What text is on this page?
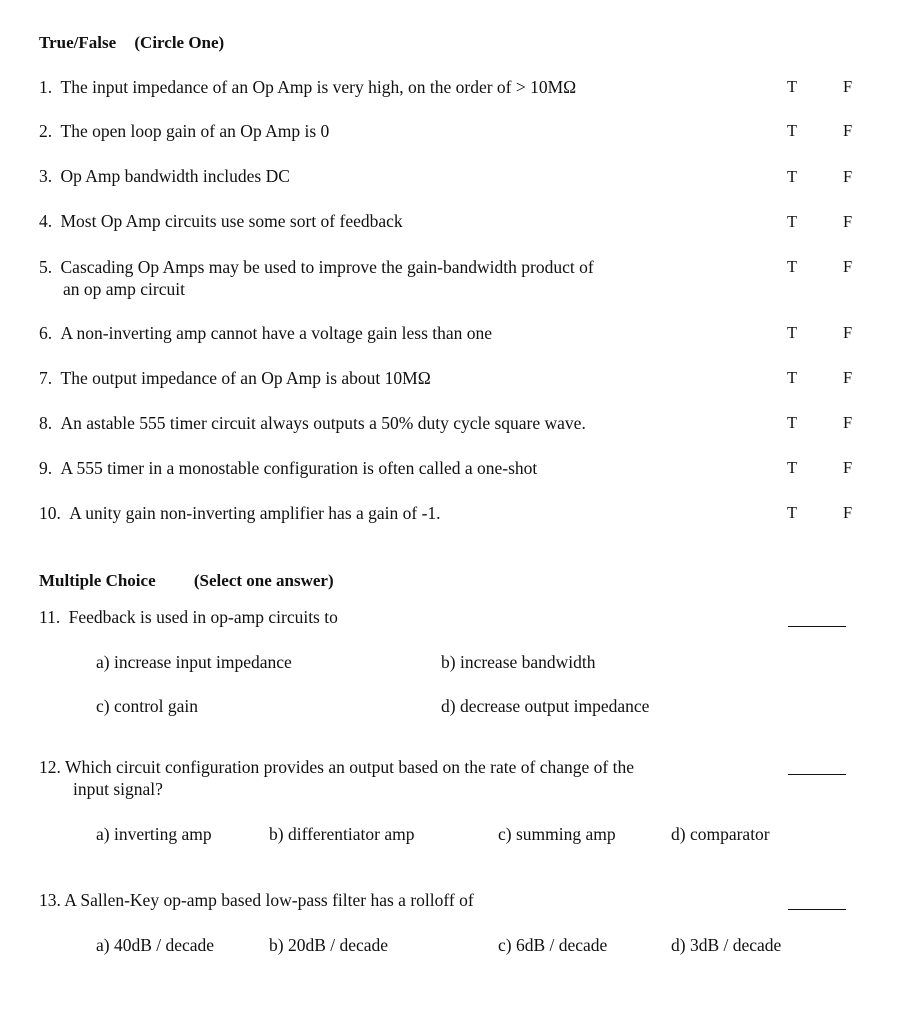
True/False (Circle One)
1. The input impedance of an Op Amp is very high, on the order of > 10MΩ	T	F
2. The open loop gain of an Op Amp is 0	T	F
3. Op Amp bandwidth includes DC	T	F
4. Most Op Amp circuits use some sort of feedback	T	F
5. Cascading Op Amps may be used to improve the gain-bandwidth product of
an op amp circuit
T	F
6. A non-inverting amp cannot have a voltage gain less than one	T	F
7. The output impedance of an Op Amp is about 10MΩ	T	F
8. An astable 555 timer circuit always outputs a 50% duty cycle square wave.	T	F
9. A 555 timer in a monostable configuration is often called a one-shot	T	F
10. A unity gain non-inverting amplifier has a gain of -1.	T	F
Multiple Choice (Select one answer)
11. Feedback is used in op-amp circuits to
a) increase input impedance	b) increase bandwidth
c) control gain	d) decrease output impedance
12. Which circuit configuration provides an output based on the rate of change of the
input signal?
a) inverting amp	b) differentiator amp	c) summing amp	d) comparator
13. A Sallen-Key op-amp based low-pass filter has a rolloff of
a) 40dB / decade	b) 20dB / decade	c) 6dB / decade	d) 3dB / decade
